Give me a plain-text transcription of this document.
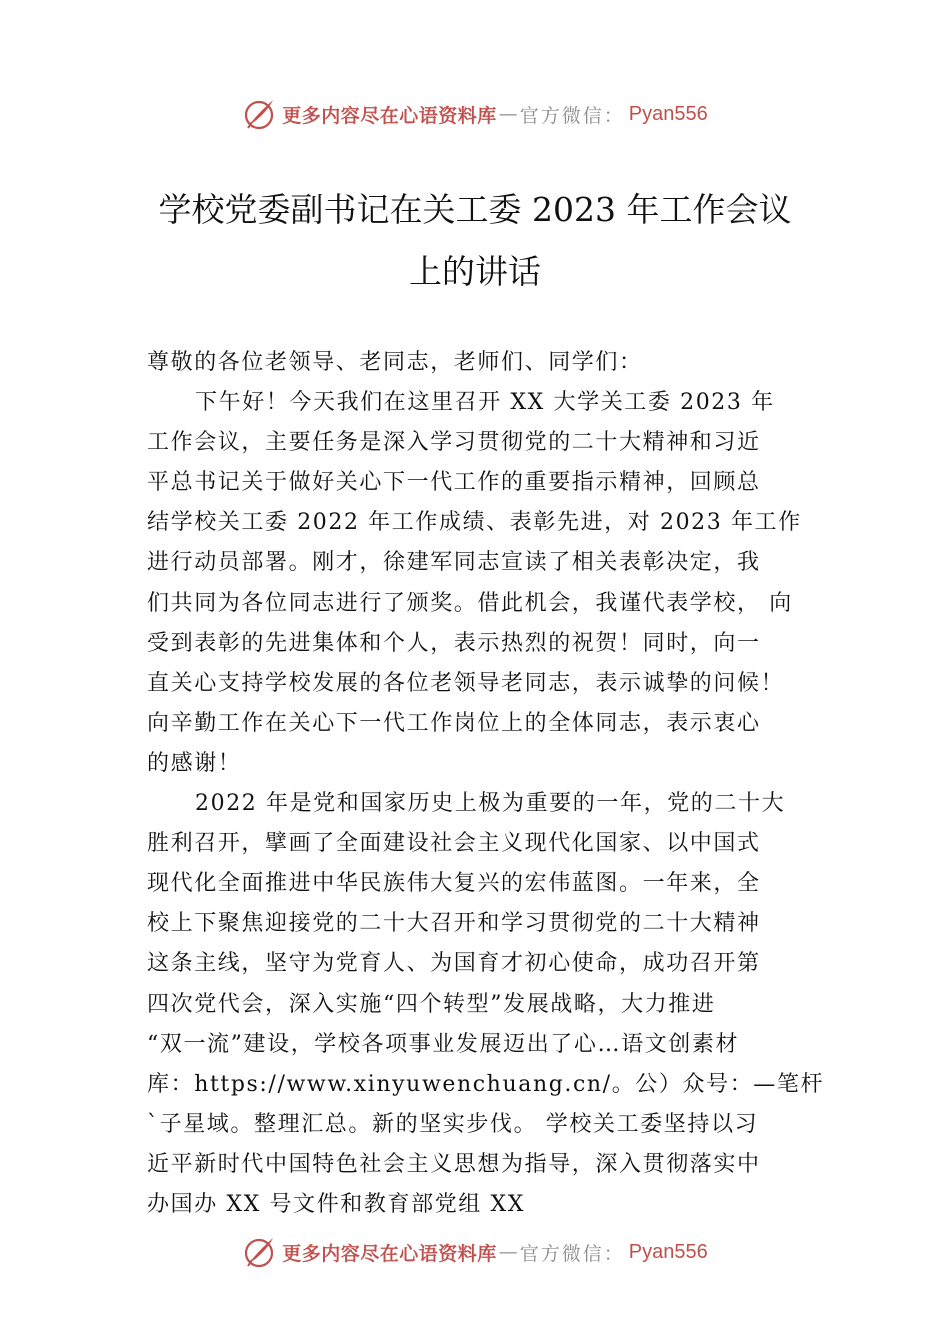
更多内容尽在心语资料库 — 官方微信： Pyan556
学校党委副书记在关工委 2023 年工作会议
上的讲话

尊敬的各位老领导、老同志，老师们、同学们：

下午好！今天我们在这里召开 XX 大学关工委 2023 年
工作会议，主要任务是深入学习贯彻党的二十大精神和习近
平总书记关于做好关心下一代工作的重要指示精神，回顾总
结学校关工委 2022 年工作成绩、表彰先进，对 2023 年工作
进行动员部署。刚才，徐建军同志宣读了相关表彰决定，我
们共同为各位同志进行了颁奖。借此机会，我谨代表学校， 向
受到表彰的先进集体和个人，表示热烈的祝贺！同时，向一
直关心支持学校发展的各位老领导老同志，表示诚挚的问候！
向辛勤工作在关心下一代工作岗位上的全体同志，表示衷心
的感谢！

2022 年是党和国家历史上极为重要的一年，党的二十大
胜利召开，擘画了全面建设社会主义现代化国家、以中国式
现代化全面推进中华民族伟大复兴的宏伟蓝图。一年来，全
校上下聚焦迎接党的二十大召开和学习贯彻党的二十大精神
这条主线，坚守为党育人、为国育才初心使命，成功召开第
四次党代会，深入实施“四个转型”发展战略，大力推进
“双一流”建设，学校各项事业发展迈出了心…语文创素材
库：https://www.xinyuwenchuang.cn/。公）众号：—笔杆
`子星域。整理汇总。新的坚实步伐。 学校关工委坚持以习
近平新时代中国特色社会主义思想为指导，深入贯彻落实中
办国办 XX 号文件和教育部党组 XX

更多内容尽在心语资料库 — 官方微信： Pyan556
